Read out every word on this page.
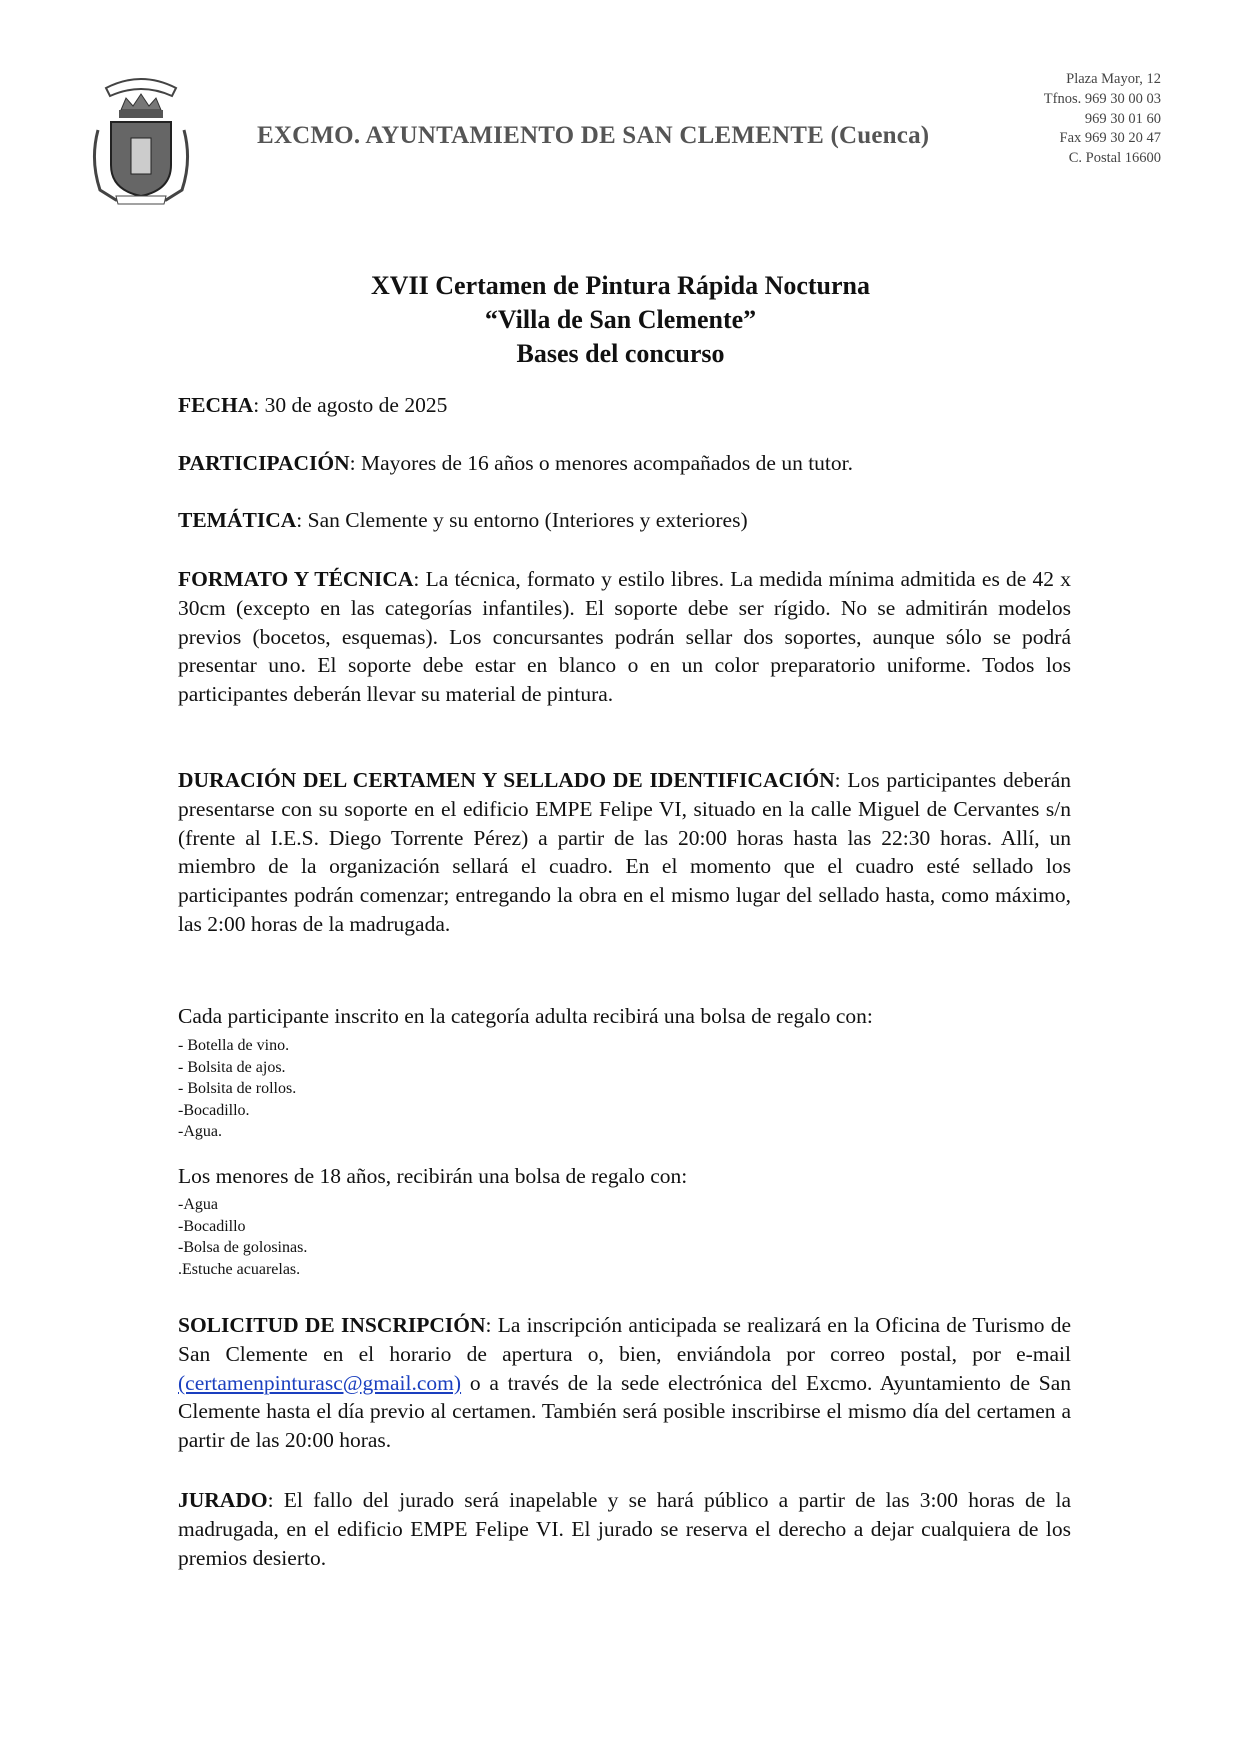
EXCMO. AYUNTAMIENTO DE SAN CLEMENTE (Cuenca)
Plaza Mayor, 12
Tfnos. 969 30 00 03
969 30 01 60
Fax 969 30 20 47
C. Postal 16600
XVII Certamen de Pintura Rápida Nocturna
“Villa de San Clemente”
Bases del concurso
FECHA: 30 de agosto de 2025
PARTICIPACIÓN: Mayores de 16 años o menores acompañados de un tutor.
TEMÁTICA: San Clemente y su entorno (Interiores y exteriores)
FORMATO Y TÉCNICA: La técnica, formato y estilo libres. La medida mínima admitida es de 42 x 30cm (excepto en las categorías infantiles). El soporte debe ser rígido. No se admitirán modelos previos (bocetos, esquemas). Los concursantes podrán sellar dos soportes, aunque sólo se podrá presentar uno. El soporte debe estar en blanco o en un color preparatorio uniforme. Todos los participantes deberán llevar su material de pintura.
DURACIÓN DEL CERTAMEN Y SELLADO DE IDENTIFICACIÓN: Los participantes deberán presentarse con su soporte en el edificio EMPE Felipe VI, situado en la calle Miguel de Cervantes s/n (frente al I.E.S. Diego Torrente Pérez) a partir de las 20:00 horas hasta las 22:30 horas. Allí, un miembro de la organización sellará el cuadro. En el momento que el cuadro esté sellado los participantes podrán comenzar; entregando la obra en el mismo lugar del sellado hasta, como máximo, las 2:00 horas de la madrugada.
Cada participante inscrito en la categoría adulta recibirá una bolsa de regalo con:
- Botella de vino.
- Bolsita de ajos.
- Bolsita de rollos.
-Bocadillo.
-Agua.
Los menores de 18 años, recibirán una bolsa de regalo con:
-Agua
-Bocadillo
-Bolsa de golosinas.
.Estuche acuarelas.
SOLICITUD DE INSCRIPCIÓN: La inscripción anticipada se realizará en la Oficina de Turismo de San Clemente en el horario de apertura o, bien, enviándola por correo postal, por e-mail (certamenpinturasc@gmail.com) o a través de la sede electrónica del Excmo. Ayuntamiento de San Clemente hasta el día previo al certamen. También será posible inscribirse el mismo día del certamen a partir de las 20:00 horas.
JURADO: El fallo del jurado será inapelable y se hará público a partir de las 3:00 horas de la madrugada, en el edificio EMPE Felipe VI. El jurado se reserva el derecho a dejar cualquiera de los premios desierto.
